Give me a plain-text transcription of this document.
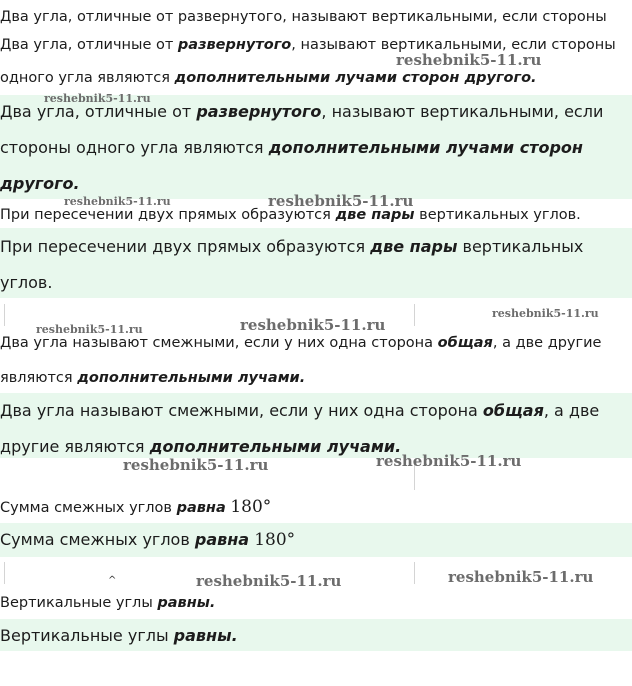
Два угла, отличные от развернутого, называют вертикальными, если стороны
Два угла, отличные от развернутого, называют вертикальными, если стороны
одного угла являются дополнительными лучами сторон другого.
Два угла, отличные от развернутого, называют вертикальными, если
стороны одного угла являются дополнительными лучами сторон
другого.
При пересечении двух прямых образуются две пары вертикальных углов.
При пересечении двух прямых образуются две пары вертикальных
углов.
Два угла называют смежными, если у них одна сторона общая, а две другие
являются дополнительными лучами.
Два угла называют смежными, если у них одна сторона общая, а две
другие являются дополнительными лучами.
Сумма смежных углов равна 180°
Сумма смежных углов равна 180°
Вертикальные углы равны.
Вертикальные углы равны.
reshebnik5-11.ru
reshebnik5-11.ru
reshebnik5-11.ru	reshebnik5-11.ru
reshebnik5-11.ru
reshebnik5-11.ru	reshebnik5-11.ru
reshebnik5-11.ru	reshebnik5-11.ru
reshebnik5-11.ru	reshebnik5-11.ru
^
